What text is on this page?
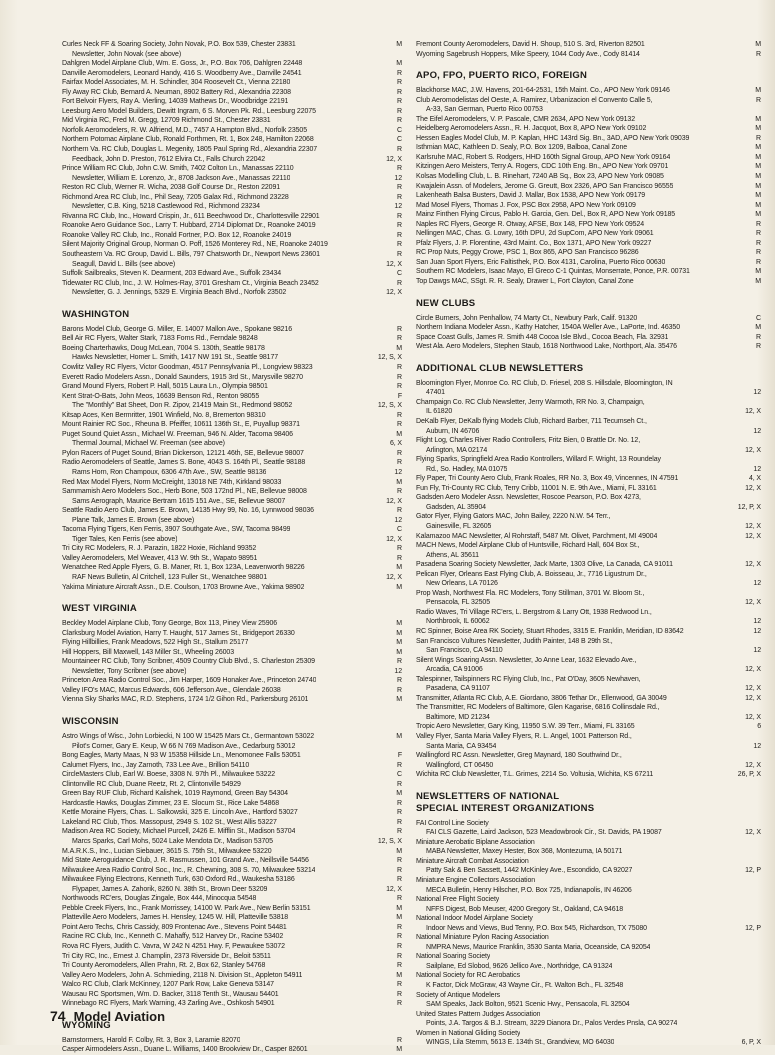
Curles Neck FF & Soaring Society, John Novak, P.O. Box 539, Chester 23831	M
Newsletter, John Novak (see above)
Dahlgren Model Airplane Club, Wm. E. Goss, Jr., P.O. Box 706, Dahlgren 22448	M
Danville Aeromodelers, Leonard Handy, 416 S. Woodberry Ave., Danville 24541	R
Fairfax Model Associates, M. H. Schindler, 304 Roosevelt Ct., Vienna 22180	R
Fly Away RC Club, Bernard A. Neuman, 8902 Battery Rd., Alexandria 22308	R
Fort Belvoir Flyers, Ray A. Vierling, 14039 Mathews Dr., Woodbridge 22191	R
Leesburg Aero Model Builders, Dewitt Ingram, 6 S. Morven Pk. Rd., Leesburg 22075	R
Mid Virginia RC, Fred M. Gregg, 12709 Richmond St., Chester 23831	R
Norfolk Aeromodelers, R. W. Alfriend, M.D., 7457 A Hampton Blvd., Norfolk 23505	C
Northern Potomac Airplane Club, Ronald Forthmen, Rt. 1, Box 248, Hamilton 22068	C
Northern Va. RC Club, Douglas L. Megenity, 1805 Paul Spring Rd., Alexandria 22307	R
Feedback, John D. Preston, 7612 Elvira Ct., Falls Church 22042	12, X
Prince William RC Club, John C.W. Smith, 7402 Colton Ln., Manassas 22110	R
Newsletter, William E. Lorenzo, Jr., 8708 Jackson Ave., Manassas 22110	12
Reston RC Club, Werner R. Wicha, 2038 Golf Course Dr., Reston 22091	R
Richmond Area RC Club, Inc., Phil Seay, 7205 Galax Rd., Richmond 23228	R
Newsletter, C.B. King, 5218 Castlewood Rd., Richmond 23234	12
Rivanna RC Club, Inc., Howard Crispin, Jr., 611 Beechwood Dr., Charlottesville 22901	R
Roanoke Aero Guidance Soc., Larry T. Hubbard, 2714 Diplomat Dr., Roanoke 24019	R
Roanoke Valley RC Club, Inc., Ronald Fortner, P.O. Box 12, Roanoke 24019	R
Silent Majority Original Group, Norman O. Poff, 1526 Monterey Rd., NE, Roanoke 24019	R
Southeastern Va. RC Group, David L. Bills, 797 Chatsworth Dr., Newport News 23601	R
Seagull, David L. Bills (see above)	12, X
Suffolk Sailbreaks, Steven K. Dearment, 203 Edward Ave., Suffolk 23434	C
Tidewater RC Club, Inc., J. W. Holmes-Ray, 3701 Gresham Ct., Virginia Beach 23452	R
Newsletter, G. J. Jennings, 5329 E. Virginia Beach Blvd., Norfolk 23502	12, X
WASHINGTON
Barons Model Club, George G. Miller, E. 14007 Mallon Ave., Spokane 98216	R
Bell Air RC Flyers, Walter Stark, 7183 Forns Rd., Ferndale 98248	R
Boeing Charterhawks, Doug McLean, 7004 S. 130th, Seattle 98178	M
Hawks Newsletter, Homer L. Smith, 1417 NW 191 St., Seattle 98177	12, S, X
Cowlitz Valley RC Flyers, Victor Goodman, 4517 Pennsylvania Pl., Longview 98323	R
Everett Radio Modelers Assn., Donald Saunders, 1915 3rd St., Marysville 98270	R
Grand Mound Flyers, Robert P. Hall, 5015 Laura Ln., Olympia 98501	R
Kent Strat-O-Bats, John Meos, 16639 Benson Rd., Renton 98055	F
The "Monthly" Bat Sheet, Don R. Zipov, 21419 Main St., Redmond 98052	12, S, X
Kitsap Aces, Ken Bermritter, 1901 Winfield, No. 8, Bremerton 98310	R
Mount Rainier RC Soc., Rheuna B. Pfeiffer, 10611 136th St., E, Puyallup 98371	R
Puget Sound Quiet Assn., Michael W. Freeman, 946 N. Alder, Tacoma 98406	M
Thermal Journal, Michael W. Freeman (see above)	6, X
Pylon Racers of Puget Sound, Brian Dickerson, 12121 46th, SE, Bellevue 98007	R
Radio Aeromodelers of Seattle, James S. Bone, 4043 S. 164th Pl., Seattle 98188	R
Rams Horn, Ron Champoux, 6306 47th Ave., SW, Seattle 98136	12
Red Max Model Flyers, Norm McCreight, 13018 NE 74th, Kirkland 98033	M
Sammamish Aero Modelers Soc., Herb Bone, 503 172nd Pl., NE, Bellevue 98008	R
Sams Aerograph, Maurice Bertram 1615 151 Ave., SE, Bellevue 98007	12, X
Seattle Radio Aero Club, James E. Brown, 14135 Hwy 99, No. 16, Lynnwood 98036	R
Plane Talk, James E. Brown (see above)	12
Tacoma Flying Tigers, Ken Ferris, 3907 Southgate Ave., SW, Tacoma 98499	C
Tiger Tales, Ken Ferris (see above)	12, X
Tri City RC Modelers, R. J. Parazin, 1822 Hoxie, Richland 99352	R
Valley Aeromodelers, Mel Weaver, 413 W. 9th St., Wapato 98951	R
Wenatchee Red Apple Flyers, G. B. Maner, Rt. 1, Box 123A, Leavenworth 98226	M
RAF News Bulletin, Al Critchell, 123 Fuller St., Wenatchee 98801	12, X
Yakima Miniature Aircraft Assn., D.E. Coulson, 1703 Browne Ave., Yakima 98902	M
WEST VIRGINIA
Beckley Model Airplane Club, Tony George, Box 113, Piney View 25906	M
Clarksburg Model Aviation, Harry T. Haught, 517 James St., Bridgeport 26330	M
Flying Hillbillies, Frank Meadows, 522 High St., Stallum 25177	M
Hill Hoppers, Bill Maxwell, 143 Miller St., Wheeling 26003	M
Mountaineer RC Club, Tony Scribner, 4509 Country Club Blvd., S. Charleston 25309	R
Newsletter, Tony Scribner (see above)	12
Princeton Area Radio Control Soc., Jim Harper, 1609 Honaker Ave., Princeton 24740	R
Valley IFO's MAC, Marcus Edwards, 606 Jefferson Ave., Glendale 26038	R
Vienna Sky Sharks MAC, R.D. Stephens, 1724 1/2 Gihon Rd., Parkersburg 26101	M
WISCONSIN
Astro Wings of Wisc., John Lorbiecki, N 100 W 15425 Mars Ct., Germantown 53022	M
Pilot's Corner, Gary E. Keup, W 66 N 769 Madison Ave., Cedarburg 53012
Bong Eagles, Marty Maas, N 93 W 15358 Hillside Ln., Menomonee Falls 53051	F
Calumet Flyers, Inc., Jay Zarnoth, 733 Lee Ave., Brillion 54110	R
CircleMasters Club, Earl W. Boese, 3308 N. 97th Pl., Milwaukee 53222	C
Clintonville RC Club, Duane Reetz, Rt. 2, Clintonville 54929	R
Green Bay RUF Club, Richard Kalishek, 1019 Raymond, Green Bay 54304	M
Hardcastle Hawks, Douglas Zimmer, 23 E. Slocum St., Rice Lake 54868	R
Kettle Moraine Flyers, Chas. L. Salkowski, 325 E. Lincoln Ave., Hartford 53027	R
Lakeland RC Club, Thos. Massopust, 2949 S. 102 St., West Allis 53227	R
Madison Area RC Society, Michael Purcell, 2426 E. Mifflin St., Madison 53704	R
Marcs Sparks, Carl Mohs, 5024 Lake Mendota Dr., Madison 53705	12, S, X
M.A.R.K.S., Inc., Lucian Siebauer, 3615 S. 75th St., Milwaukee 53220	M
Mid State Aeroguidance Club, J. R. Rasmussen, 101 Grand Ave., Neillsville 54456	R
Milwaukee Area Radio Control Soc., Inc., R. Chewning, 308 S. 70, Milwaukee 53214	R
Milwaukee Flying Electrons, Kenneth Turk, 630 Oxford Rd., Waukesha 53186	R
Flypaper, James A. Zahorik, 8260 N. 38th St., Brown Deer 53209	12, X
Northwoods RC'ers, Douglas Zingale, Box 444, Minocqua 54548	R
Pebble Creek Flyers, Inc., Frank Morrissey, 14100 W. Park Ave., New Berlin 53151	M
Platteville Aero Modelers, James H. Hensley, 1245 W. Hill, Platteville 53818	M
Point Aero Techs, Chris Cassidy, 809 Frontenac Ave., Stevens Point 54481	R
Racine RC Club, Inc., Kenneth C. Mahaffy, 512 Harvey Dr., Racine 53402	R
Rova RC Flyers, Judith C. Vavra, W 242 N 4251 Hwy. F, Pewaukee 53072	R
Tri City RC, Inc., Ernest J. Champlin, 2373 Riverside Dr., Beloit 53511	R
Tri County Aeromodelers, Allen Prahn, Rt. 2, Box 62, Stanley 54768	R
Valley Aero Modelers, John A. Schmieding, 2118 N. Division St., Appleton 54911	M
Walco RC Club, Clark McKinney, 1207 Park Row, Lake Geneva 53147	R
Wausau RC Sportsmen, Wm. D. Backer, 3118 Tenth St., Wausau 54401	R
Winnebago RC Flyers, Mark Warning, 43 Zarling Ave., Oshkosh 54901	R
WYOMING
Barnstormers, Harold F. Colby, Rt. 3, Box 3, Laramie 82070	R
Casper Airmodelers Assn., Duane L. Williams, 1400 Brookview Dr., Casper 82601	M
Fremont County Aeromodelers, David H. Shoup, 510 S. 3rd, Riverton 82501	M
Wyoming Sagebrush Hoppers, Mike Speery, 1044 Cody Ave., Cody 81414	R
APO, FPO, PUERTO RICO, FOREIGN
Blackhorse MAC, J.W. Havens, 201-64-2531, 15th Maint. Co., APO New York 09146	M
Club Aeromodelistas del Oeste, A. Ramirez, Urbanizacion el Convento Calle 5,	R
A-33, San German, Puerto Rico 00753
The Eifel Aeromodelers, V. P. Pascale, CMR 2634, APO New York 09132	M
Heidelberg Aeromodelers Assn., R. H. Jacquot, Box 8, APO New York 09102	M
Hessen Eagles Model Club, M. P. Kaplan, HHC 143rd Sig. Bn., 3AD, APO New York 09039	R
Isthmian MAC, Kathleen D. Sealy, P.O. Box 1209, Balboa, Canal Zone	M
Karlsruhe MAC, Robert S. Rodgers, HHD 160th Signal Group, APO New York 09164	M
Kitzingen Aero Meisters, Terry A. Rogers, CDC 10th Eng. Bn., APO New York 09701	M
Kolsas Modelling Club, L. B. Rinehart, 7240 AB Sq., Box 23, APO New York 09085	M
Kwajalein Assn. of Modelers, Jerome G. Greutt, Box 2326, APO San Francisco 96555	M
Lakenheath Balsa Busters, David J. Mallar, Box 1538, APO New York 09179	M
Mad Mosel Flyers, Thomas J. Fox, PSC Box 2958, APO New York 09109	M
Mainz Finthen Flying Circus, Pablo H. Garcia, Gen. Del., Box R, APO New York 09185	M
Naples RC Flyers, George R. Otway, AFSE, Box 148, FPO New York 09524	R
Nellingen MAC, Chas. G. Lowry, 16th DPU, 2d SupCom, APO New York 09061	R
Pfalz Flyers, J. P. Florentine, 43rd Maint. Co., Box 1371, APO New York 09227	R
RC Prop Nuts, Peggy Crowe, PSC 1, Box 865, APO San Francisco 96286	R
San Juan Sport Flyers, Eric Faltisthek, P.O. Box 4131, Carolina, Puerto Rico 00630	R
Southern RC Modelers, Isaac Mayo, El Greco C-1 Quintas, Monserrate, Ponce, P.R. 00731	M
Top Dawgs MAC, SSgt. R. R. Sealy, Drawer L, Fort Clayton, Canal Zone	M
NEW CLUBS
Circle Burners, John Penhallow, 74 Marty Ct., Newbury Park, Calif. 91320	C
Northern Indiana Modeler Assn., Kathy Hatcher, 1540A Weller Ave., LaPorte, Ind. 46350	M
Space Coast Gulls, James R. Smith 448 Cocoa Isle Blvd., Cocoa Beach, Fla. 32931	R
West Ala. Aero Modelers, Stephen Staub, 1618 Northwood Lake, Northport, Ala. 35476	R
ADDITIONAL CLUB NEWSLETTERS
Bloomington Flyer, Monroe Co. RC Club, D. Friesel, 208 S. Hillsdale, Bloomington, IN
47401	12
Champaign Co. RC Club Newsletter, Jerry Warmoth, RR No. 3, Champaign,
IL 61820	12, X
DeKalb Flyer, DeKalb flying Models Club, Richard Barber, 711 Tecumseh Ct.,
Auburn, IN 46706	12
Flight Log, Charles River Radio Controllers, Fritz Bien, 0 Brattle Dr. No. 12,
Arlington, MA 02174	12, X
Flying Sparks, Springfield Area Radio Kontrollers, Willard F. Wright, 13 Roundelay
Rd., So. Hadley, MA 01075	12
Fly Paper, Tri County Aero Club, Frank Roales, RR No. 3, Box 49, Vincennes, IN 47591	4, X
Fun Fly, Tri-County RC Club, Terry Cribb, 11001 N. E. 9th Ave., Miami, FL 33161	12, X
Gadsden Aero Modeler Assn. Newsletter, Roscoe Pearson, P.O. Box 4273,
Gadsden, AL 35904	12, P, X
Gator Flyer, Flying Gators MAC, John Bailey, 2220 N.W. 54 Terr.,
Gainesville, FL 32605	12, X
Kalamazoo MAC Newsletter, Al Rohrstaff, 5487 Mt. Olivet, Parchment, MI 49004	12, X
MACH News, Model Airplane Club of Huntsville, Richard Hall, 604 Box St.,
Athens, AL 35611
Pasadena Soaring Society Newsletter, Jack Marte, 1303 Olive, La Canada, CA 91011	12, X
Pelican Flyer, Orleans East Flying Club, A. Boisseau, Jr., 7716 Ligustrum Dr.,
New Orleans, LA 70126	12
Prop Wash, Northwest Fla. RC Modelers, Tony Stillman, 3701 W. Bloom St.,
Pensacola, FL 32505	12, X
Radio Waves, Tri Village RC'ers, L. Bergstrom & Larry Ott, 1938 Redwood Ln.,
Northbrook, IL 60062	12
RC Spinner, Boise Area RK Society, Stuart Rhodes, 3315 E. Franklin, Meridian, ID 83642	12
San Francisco Vultures Newsletter, Judith Painter, 148 B 29th St.,
San Francisco, CA 94110	12
Silent Wings Soaring Assn. Newsletter, Jo Anne Lear, 1632 Elevado Ave.,
Arcadia, CA 91006	12, X
Talespinner, Tailspinners RC Flying Club, Inc., Pat O'Day, 3605 Newhaven,
Pasadena, CA 91107	12, X
Transmitter, Atlanta RC Club, A.E. Giordano, 3806 Tethar Dr., Ellenwood, GA 30049	12, X
The Transmitter, RC Modelers of Baltimore, Glen Kagarise, 6816 Collinsdale Rd.,
Baltimore, MD 21234	12, X
Tropic Aero Newsletter, Gary King, 11950 S.W. 39 Terr., Miami, FL 33165	6
Valley Flyer, Santa Maria Valley Flyers, R. L. Angel, 1001 Patterson Rd.,
Santa Maria, CA 93454	12
Wallingford RC Assn. Newsletter, Greg Maynard, 180 Southwind Dr.,
Wallingford, CT 06450	12, X
Wichita RC Club Newsletter, T.L. Grimes, 2214 So. Voltusia, Wichita, KS 67211	26, P, X
NEWSLETTERS OF NATIONAL
SPECIAL INTEREST ORGANIZATIONS
FAI Control Line Society
FAI CLS Gazette, Laird Jackson, 523 Meadowbrook Cir., St. Davids, PA 19087	12, X
Miniature Aerobatic Biplane Association
MABA Newsletter, Maxey Hester, Box 368, Montezuma, IA 50171
Miniature Aircraft Combat Association
Patty Sak & Ben Sassett, 1442 McKinley Ave., Escondido, CA 92027	12, P
Miniature Engine Collectors Association
MECA Bulletin, Henry Hilscher, P.O. Box 725, Indianapolis, IN 46206
National Free Flight Society
NFFS Digest, Bob Meuser, 4200 Gregory St., Oakland, CA 94618
National Indoor Model Airplane Society
Indoor News and Views, Bud Tenny, P.O. Box 545, Richardson, TX 75080	12, P
National Miniature Pylon Racing Association
NMPRA News, Maurice Franklin, 3530 Santa Maria, Oceanside, CA 92054
National Soaring Society
Sailplane, Ed Slobod, 9626 Jellico Ave., Northridge, CA 91324
National Society for RC Aerobatics
K Factor, Dick McGraw, 43 Wayne Cir., Ft. Walton Bch., FL 32548
Society of Antique Modelers
SAM Speaks, Jack Bolton, 9521 Scenic Hwy., Pensacola, FL 32504
United States Pattern Judges Association
Points, J.A. Targos & B.J. Stream, 3229 Dianora Dr., Palos Verdes Pnsla, CA 90274
Women in National Gliding Society
WINGS, Lila Stemm, 5613 E. 134th St., Grandview, MO 64030	6, P, X
74 Model Aviation
